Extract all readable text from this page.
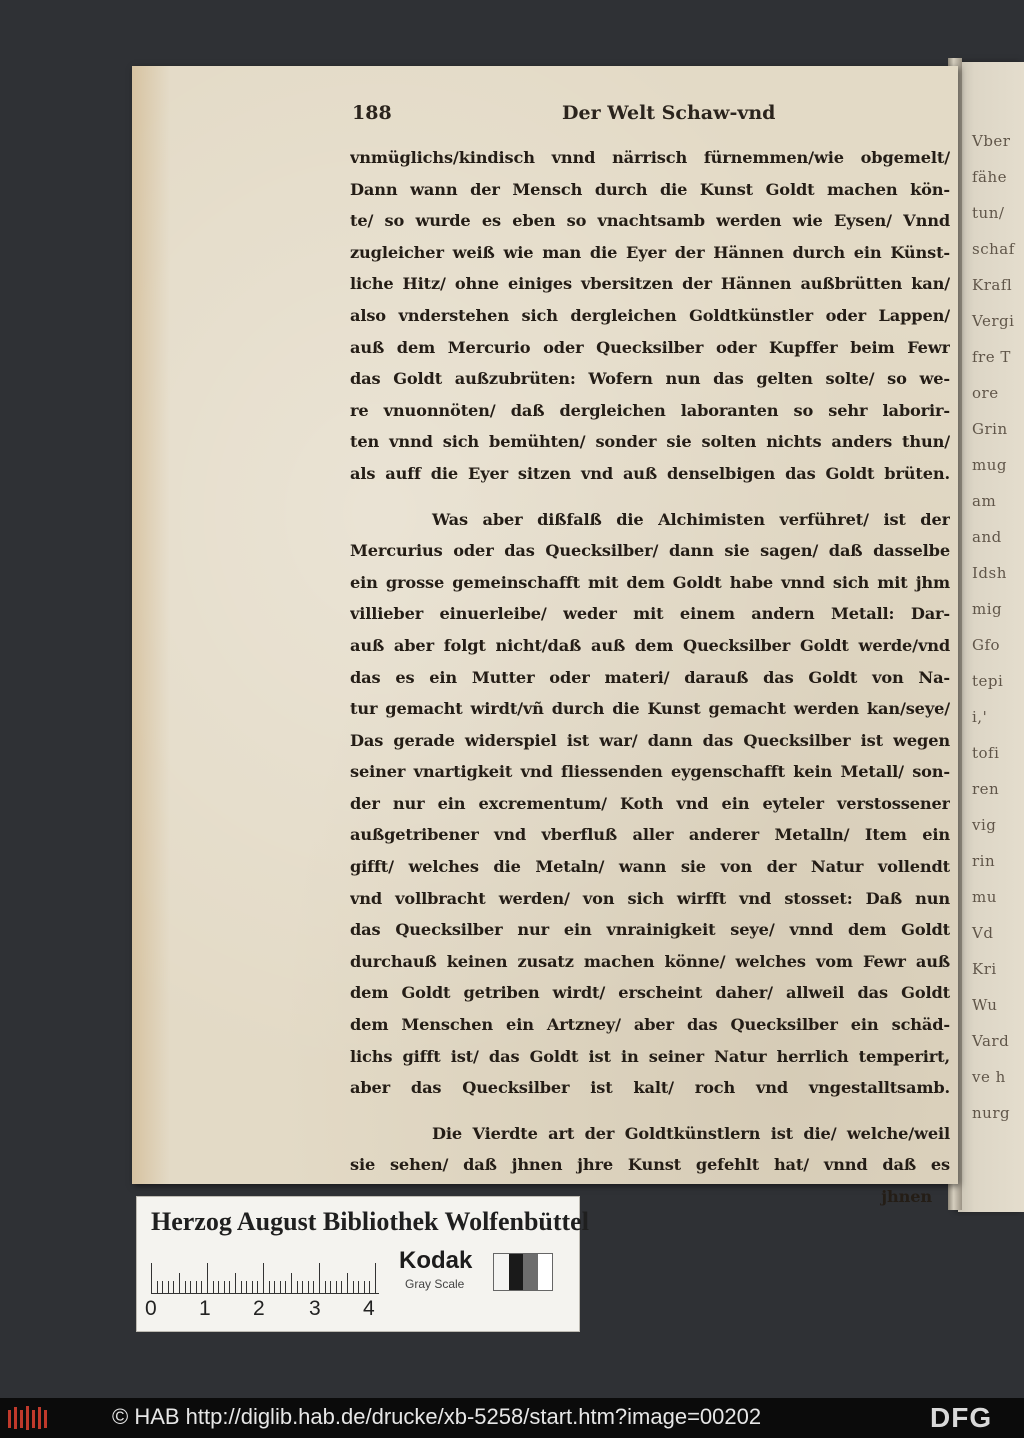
Vber
fähe
tun/
schaf
Krafl
Vergi
fre T
ore
Grin
mug
am
and
Idsh
mig
Gfo
tepi
i,'
tofi
ren
vig
rin
mu
Vd
Kri
Wu
Vard
ve h
nurg
188	Der Welt Schaw-vnd
vnmüglichs/kindisch vnnd närrisch fürnemmen/wie obgemelt/
Dann wann der Mensch durch die Kunst Goldt machen kön-
te/ so wurde es eben so vnachtsamb werden wie Eysen/ Vnnd
zugleicher weiß wie man die Eyer der Hännen durch ein Künst-
liche Hitz/ ohne einiges vbersitzen der Hännen außbrütten kan/
also vnderstehen sich dergleichen Goldtkünstler oder Lappen/
auß dem Mercurio oder Quecksilber oder Kupffer beim Fewr
das Goldt außzubrüten: Wofern nun das gelten solte/ so we-
re vnuonnöten/ daß dergleichen laboranten so sehr laborir-
ten vnnd sich bemühten/ sonder sie solten nichts anders thun/
als auff die Eyer sitzen vnd auß denselbigen das Goldt brüten.
Was aber dißfalß die Alchimisten verführet/ ist der
Mercurius oder das Quecksilber/ dann sie sagen/ daß dasselbe
ein grosse gemeinschafft mit dem Goldt habe vnnd sich mit jhm
villieber einuerleibe/ weder mit einem andern Metall: Dar-
auß aber folgt nicht/daß auß dem Quecksilber Goldt werde/vnd
das es ein Mutter oder materi/ darauß das Goldt von Na-
tur gemacht wirdt/vñ durch die Kunst gemacht werden kan/seye/
Das gerade widerspiel ist war/ dann das Quecksilber ist wegen
seiner vnartigkeit vnd fliessenden eygenschafft kein Metall/ son-
der nur ein excrementum/ Koth vnd ein eyteler verstossener
außgetribener vnd vberfluß aller anderer Metalln/ Item ein
gifft/ welches die Metaln/ wann sie von der Natur vollendt
vnd vollbracht werden/ von sich wirfft vnd stosset: Daß nun
das Quecksilber nur ein vnrainigkeit seye/ vnnd dem Goldt
durchauß keinen zusatz machen könne/ welches vom Fewr auß
dem Goldt getriben wirdt/ erscheint daher/ allweil das Goldt
dem Menschen ein Artzney/ aber das Quecksilber ein schäd-
lichs gifft ist/ das Goldt ist in seiner Natur herrlich temperirt,
aber das Quecksilber ist kalt/ roch vnd vngestalltsamb.
Die Vierdte art der Goldtkünstlern ist die/ welche/weil
sie sehen/ daß jhnen jhre Kunst gefehlt hat/ vnnd daß es
jhnen
Herzog August Bibliothek Wolfenbüttel
0 1 2 3 4
Kodak
Gray Scale
© HAB http://diglib.hab.de/drucke/xb-5258/start.htm?image=00202	DFG
